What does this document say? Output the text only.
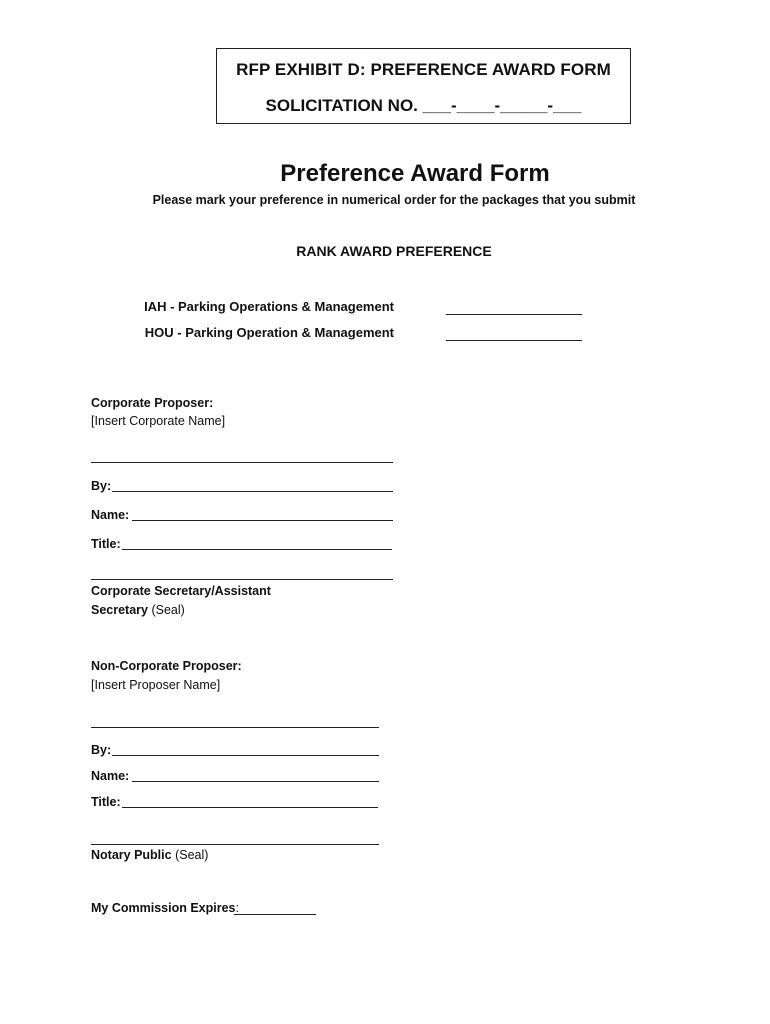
RFP EXHIBIT D: PREFERENCE AWARD FORM
SOLICITATION NO. ___-____-_____-___
Preference Award Form
Please mark your preference in numerical order for the packages that you submit
RANK AWARD PREFERENCE
IAH - Parking Operations & Management
HOU - Parking Operation & Management
Corporate Proposer:
[Insert Corporate Name]
By:
Name:
Title:
Corporate Secretary/Assistant
Secretary (Seal)
Non-Corporate Proposer:
[Insert Proposer Name]
By:
Name:
Title:
Notary Public (Seal)
My Commission Expires:
